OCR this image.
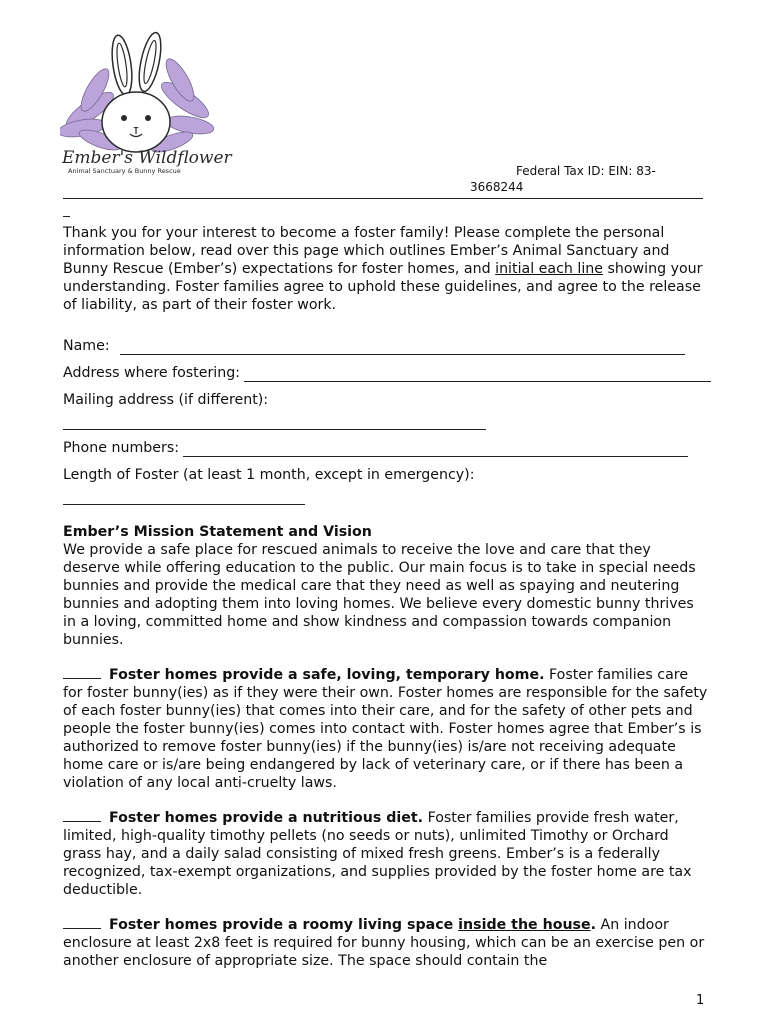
Ember's Wildflower
Animal Sanctuary & Bunny Rescue	Federal Tax ID: EIN: 83-
3668244

Thank you for your interest to become a foster family! Please complete the personal information below, read over this page which outlines Ember’s Animal Sanctuary and Bunny Rescue (Ember’s) expectations for foster homes, and initial each line showing your understanding. Foster families agree to uphold these guidelines, and agree to the release of liability, as part of their foster work.

Name:
Address where fostering:
Mailing address (if different):
Phone numbers:
Length of Foster (at least 1 month, except in emergency):
Ember’s Mission Statement and Vision

We provide a safe place for rescued animals to receive the love and care that they deserve while offering education to the public. Our main focus is to take in special needs bunnies and provide the medical care that they need as well as spaying and neutering bunnies and adopting them into loving homes. We believe every domestic bunny thrives in a loving, committed home and show kindness and compassion towards companion bunnies.

Foster homes provide a safe, loving, temporary home. Foster families care for foster bunny(ies) as if they were their own. Foster homes are responsible for the safety of each foster bunny(ies) that comes into their care, and for the safety of other pets and people the foster bunny(ies) comes into contact with. Foster homes agree that Ember’s is authorized to remove foster bunny(ies) if the bunny(ies) is/are not receiving adequate home care or is/are being endangered by lack of veterinary care, or if there has been a violation of any local anti-cruelty laws.

Foster homes provide a nutritious diet. Foster families provide fresh water, limited, high-quality timothy pellets (no seeds or nuts), unlimited Timothy or Orchard grass hay, and a daily salad consisting of mixed fresh greens. Ember’s is a federally recognized, tax-exempt organizations, and supplies provided by the foster home are tax deductible.

Foster homes provide a roomy living space inside the house. An indoor enclosure at least 2x8 feet is required for bunny housing, which can be an exercise pen or another enclosure of appropriate size. The space should contain the

1
